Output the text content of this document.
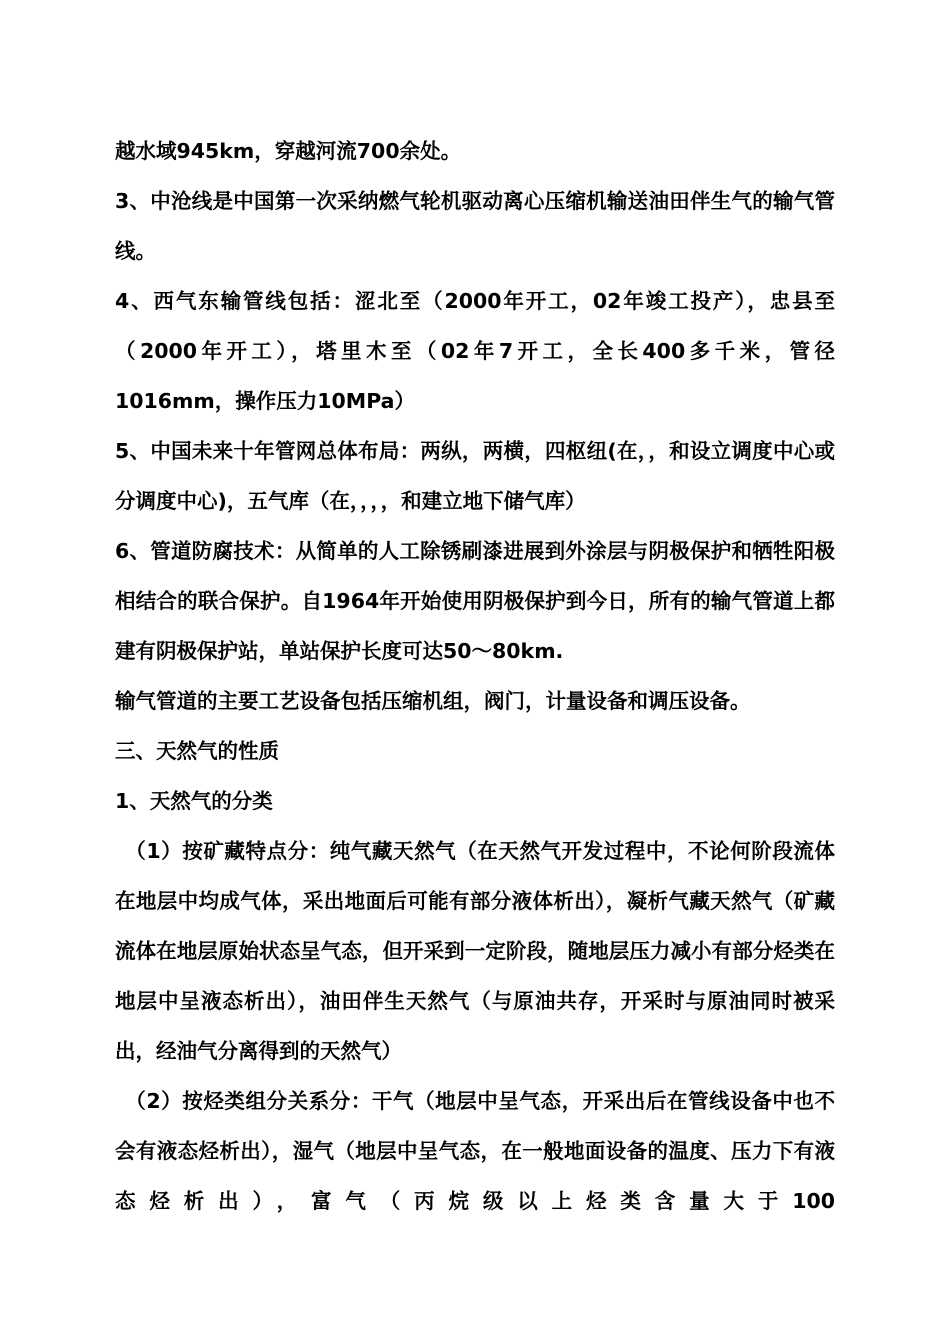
越水域945km，穿越河流700余处。

3、中沧线是中国第一次采纳燃气轮机驱动离心压缩机输送油田伴生气的输气管线。

4、西气东输管线包括：涩北至（2000年开工，02年竣工投产），忠县至（2000年开工），塔里木至（02年7开工，全长400多千米，管径1016mm，操作压力10MPa）

5、中国未来十年管网总体布局：两纵，两横，四枢纽(在，，和设立调度中心或分调度中心)，五气库（在，，，，和建立地下储气库）

6、管道防腐技术：从简单的人工除锈刷漆进展到外涂层与阴极保护和牺牲阳极相结合的联合保护。自1964年开始使用阴极保护到今日，所有的输气管道上都建有阴极保护站，单站保护长度可达50～80km.

输气管道的主要工艺设备包括压缩机组，阀门，计量设备和调压设备。

三、天然气的性质

1、天然气的分类

（1）按矿藏特点分：纯气藏天然气（在天然气开发过程中，不论何阶段流体在地层中均成气体，采出地面后可能有部分液体析出），凝析气藏天然气（矿藏流体在地层原始状态呈气态，但开采到一定阶段，随地层压力减小有部分烃类在地层中呈液态析出），油田伴生天然气（与原油共存，开采时与原油同时被采出，经油气分离得到的天然气）

（2）按烃类组分关系分：干气（地层中呈气态，开采出后在管线设备中也不会有液态烃析出），湿气（地层中呈气态，在一般地面设备的温度、压力下有液态烃析出），富气（丙烷级以上烃类含量大于100
